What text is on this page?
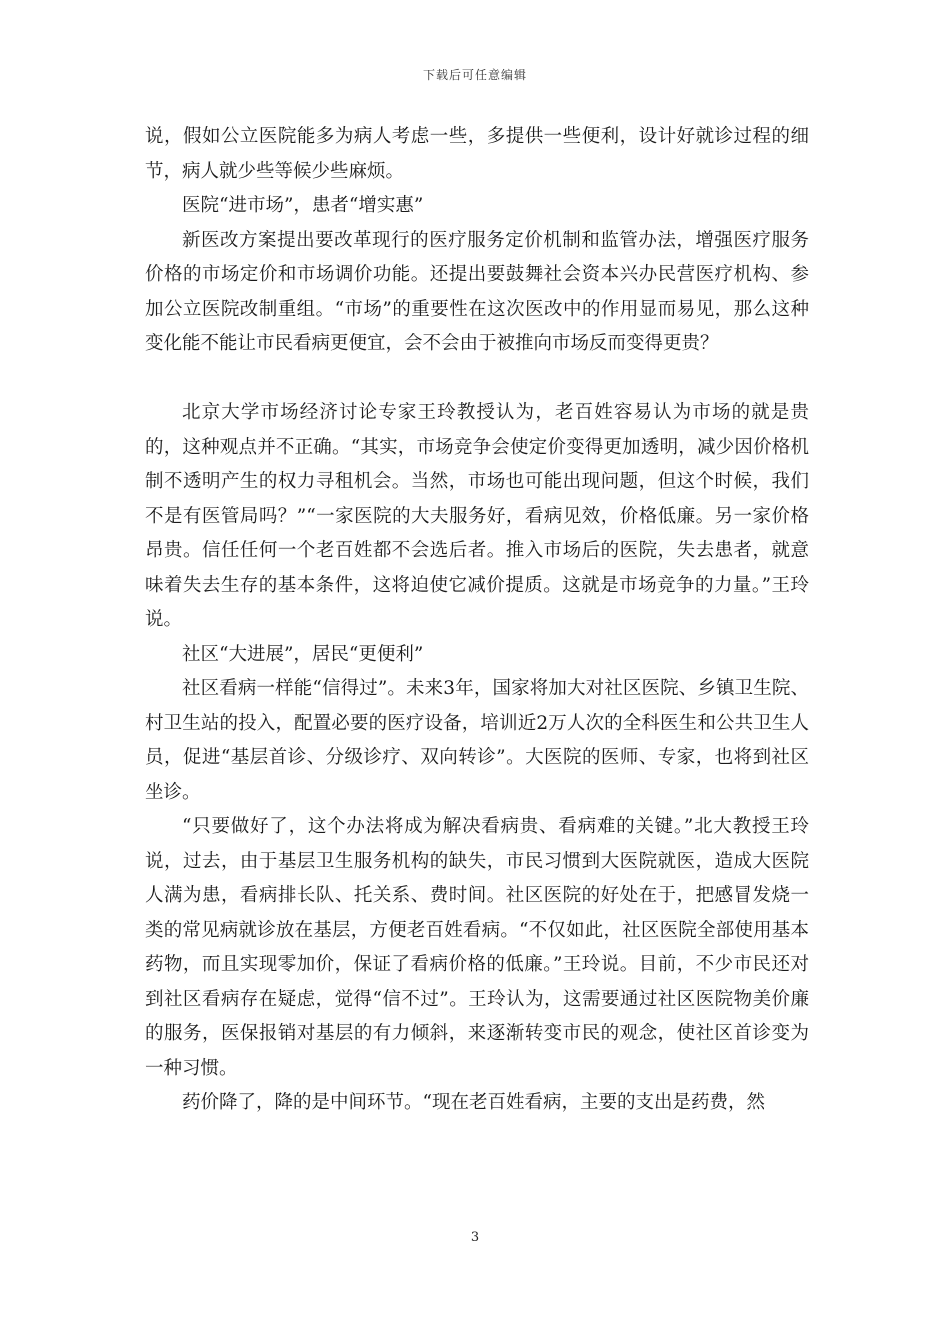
下载后可任意编辑

说，假如公立医院能多为病人考虑一些，多提供一些便利，设计好就诊过程的细节，病人就少些等候少些麻烦。

医院“进市场”，患者“增实惠”

新医改方案提出要改革现行的医疗服务定价机制和监管办法，增强医疗服务价格的市场定价和市场调价功能。还提出要鼓舞社会资本兴办民营医疗机构、参加公立医院改制重组。“市场”的重要性在这次医改中的作用显而易见，那么这种变化能不能让市民看病更便宜，会不会由于被推向市场反而变得更贵？

北京大学市场经济讨论专家王玲教授认为，老百姓容易认为市场的就是贵的，这种观点并不正确。“其实，市场竞争会使定价变得更加透明，减少因价格机制不透明产生的权力寻租机会。当然，市场也可能出现问题，但这个时候，我们不是有医管局吗？”“一家医院的大夫服务好，看病见效，价格低廉。另一家价格昂贵。信任任何一个老百姓都不会选后者。推入市场后的医院，失去患者，就意味着失去生存的基本条件，这将迫使它减价提质。这就是市场竞争的力量。”王玲说。

社区“大进展”，居民“更便利”

社区看病一样能“信得过”。未来3年，国家将加大对社区医院、乡镇卫生院、村卫生站的投入，配置必要的医疗设备，培训近2万人次的全科医生和公共卫生人员，促进“基层首诊、分级诊疗、双向转诊”。大医院的医师、专家，也将到社区坐诊。

“只要做好了，这个办法将成为解决看病贵、看病难的关键。”北大教授王玲说，过去，由于基层卫生服务机构的缺失，市民习惯到大医院就医，造成大医院人满为患，看病排长队、托关系、费时间。社区医院的好处在于，把感冒发烧一类的常见病就诊放在基层，方便老百姓看病。“不仅如此，社区医院全部使用基本药物，而且实现零加价，保证了看病价格的低廉。”王玲说。目前，不少市民还对到社区看病存在疑虑，觉得“信不过”。王玲认为，这需要通过社区医院物美价廉的服务，医保报销对基层的有力倾斜，来逐渐转变市民的观念，使社区首诊变为一种习惯。

药价降了，降的是中间环节。“现在老百姓看病，主要的支出是药费，然

3
